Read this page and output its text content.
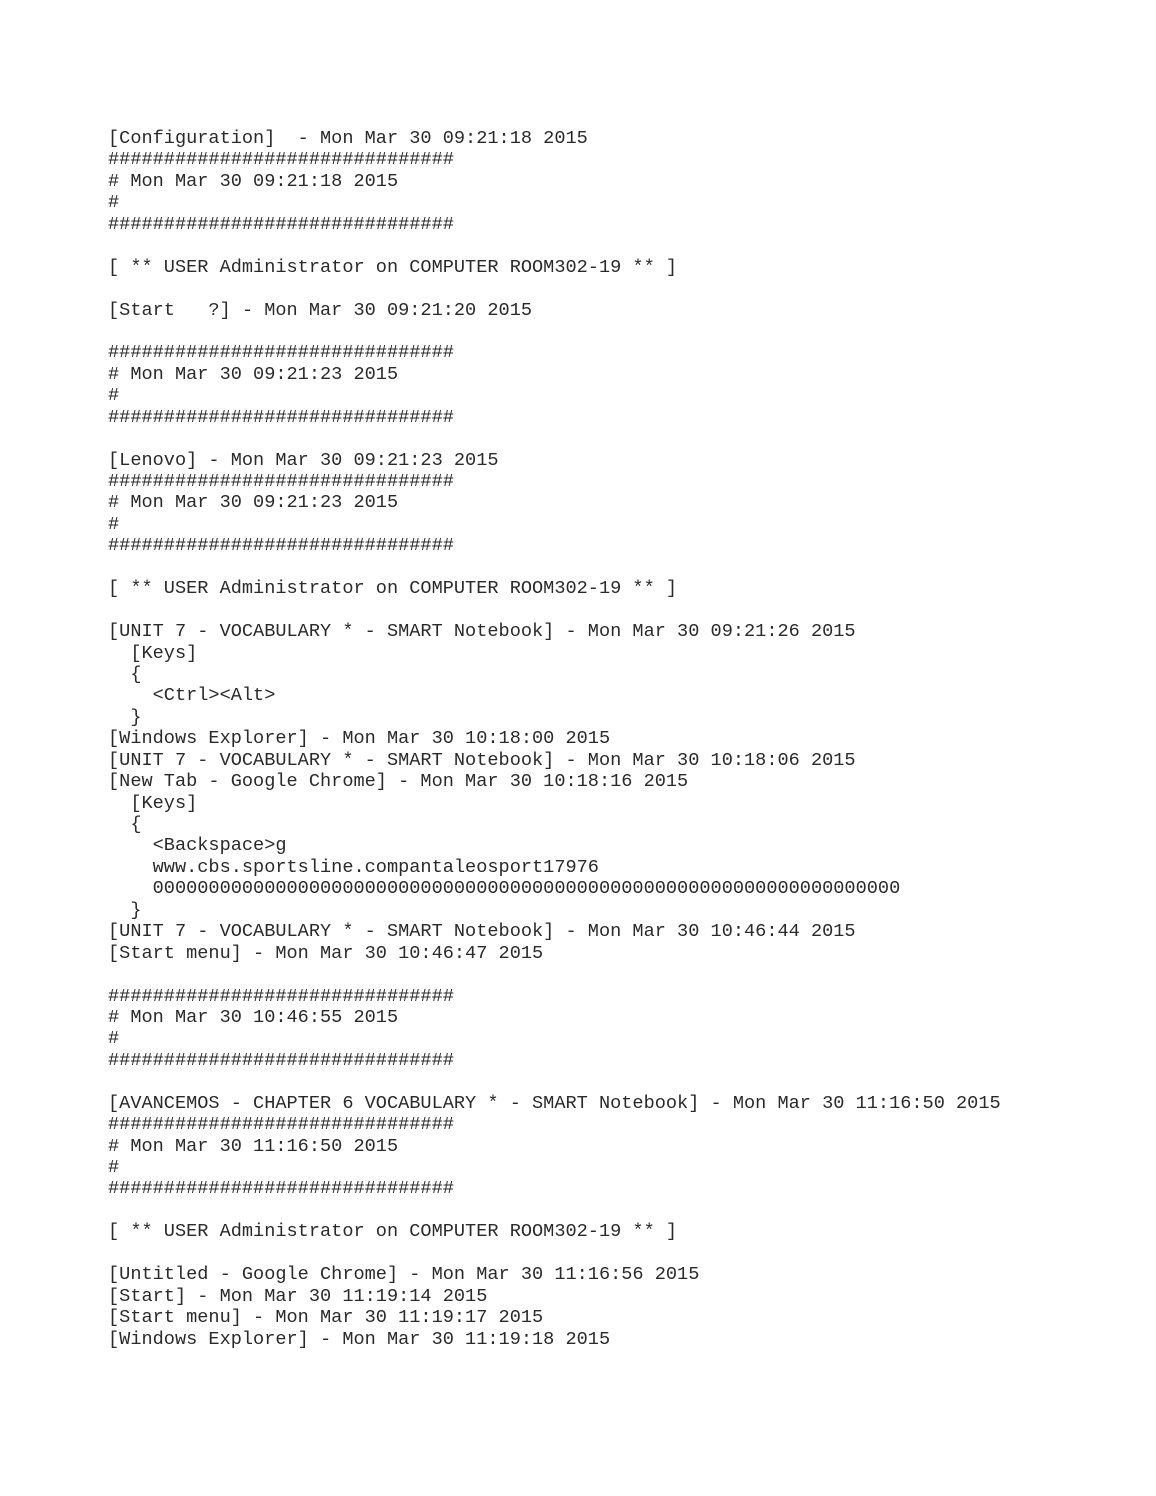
[Configuration]  - Mon Mar 30 09:21:18 2015
###############################
# Mon Mar 30 09:21:18 2015
#
###############################
[ ** USER Administrator on COMPUTER ROOM302-19 ** ]
[Start   ?] - Mon Mar 30 09:21:20 2015
###############################
# Mon Mar 30 09:21:23 2015
#
###############################
[Lenovo] - Mon Mar 30 09:21:23 2015
###############################
# Mon Mar 30 09:21:23 2015
#
###############################
[ ** USER Administrator on COMPUTER ROOM302-19 ** ]
[UNIT 7 - VOCABULARY * - SMART Notebook] - Mon Mar 30 09:21:26 2015
[Keys]
{
<Ctrl><Alt>
}
[Windows Explorer] - Mon Mar 30 10:18:00 2015
[UNIT 7 - VOCABULARY * - SMART Notebook] - Mon Mar 30 10:18:06 2015
[New Tab - Google Chrome] - Mon Mar 30 10:18:16 2015
[Keys]
{
<Backspace>g
www.cbs.sportsline.compantaleosport17976
0000000000000000000000000000000000000000000000000000000000000000000
}
[UNIT 7 - VOCABULARY * - SMART Notebook] - Mon Mar 30 10:46:44 2015
[Start menu] - Mon Mar 30 10:46:47 2015
###############################
# Mon Mar 30 10:46:55 2015
#
###############################
[AVANCEMOS - CHAPTER 6 VOCABULARY * - SMART Notebook] - Mon Mar 30 11:16:50 2015
###############################
# Mon Mar 30 11:16:50 2015
#
###############################
[ ** USER Administrator on COMPUTER ROOM302-19 ** ]
[Untitled - Google Chrome] - Mon Mar 30 11:16:56 2015
[Start] - Mon Mar 30 11:19:14 2015
[Start menu] - Mon Mar 30 11:19:17 2015
[Windows Explorer] - Mon Mar 30 11:19:18 2015
